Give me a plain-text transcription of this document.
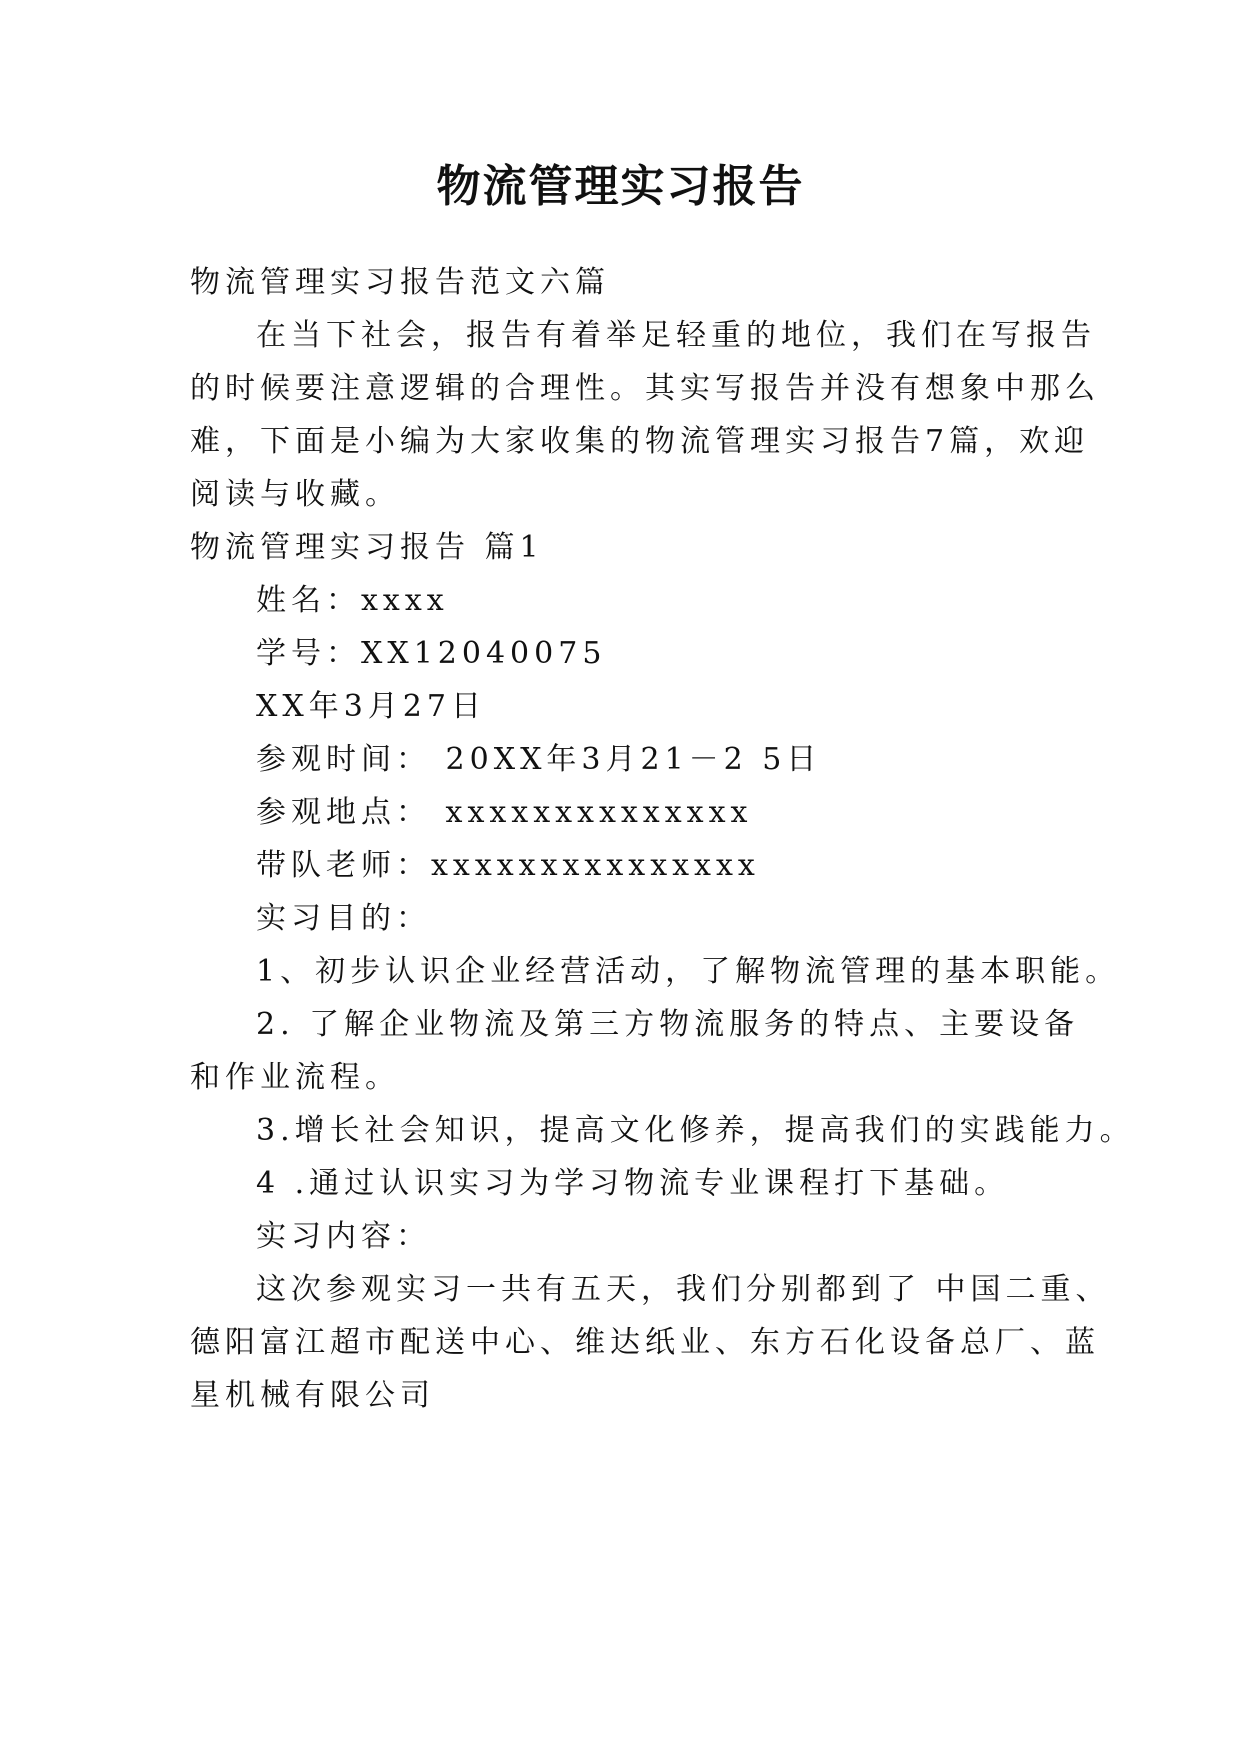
物流管理实习报告

物流管理实习报告范文六篇

在当下社会，报告有着举足轻重的地位，我们在写报告

的时候要注意逻辑的合理性。其实写报告并没有想象中那么

难，下面是小编为大家收集的物流管理实习报告7篇，欢迎

阅读与收藏。

物流管理实习报告 篇1

姓名：xxxx

学号：XX12040075

XX年3月27日

参观时间： 20XX年3月21－2 5日

参观地点： xxxxxxxxxxxxxx

带队老师：xxxxxxxxxxxxxxx

实习目的：

1、初步认识企业经营活动，了解物流管理的基本职能。

2. 了解企业物流及第三方物流服务的特点、主要设备

和作业流程。

3.增长社会知识，提高文化修养，提高我们的实践能力。

4 .通过认识实习为学习物流专业课程打下基础。

实习内容：

这次参观实习一共有五天，我们分别都到了 中国二重、

德阳富江超市配送中心、维达纸业、东方石化设备总厂、蓝

星机械有限公司
